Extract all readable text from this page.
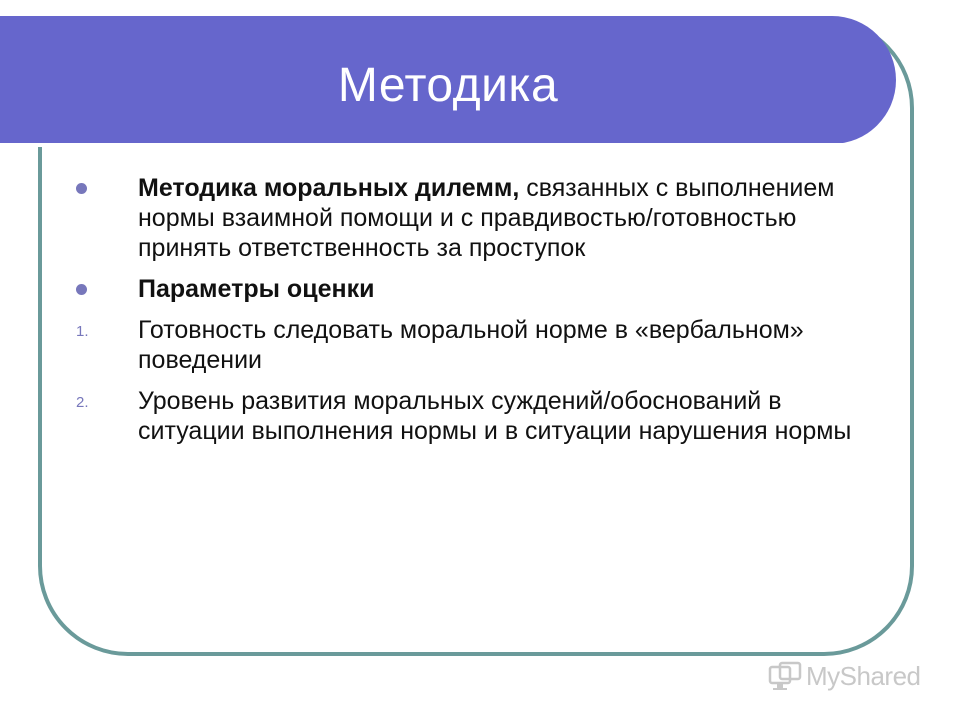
Методика
Методика моральных дилемм, связанных с выполнением нормы взаимной помощи и с правдивостью/готовностью принять ответственность за проступок
Параметры оценки
1. Готовность следовать моральной норме в «вербальном» поведении
2. Уровень развития моральных суждений/обоснований в ситуации выполнения нормы и в ситуации нарушения нормы
MyShared
